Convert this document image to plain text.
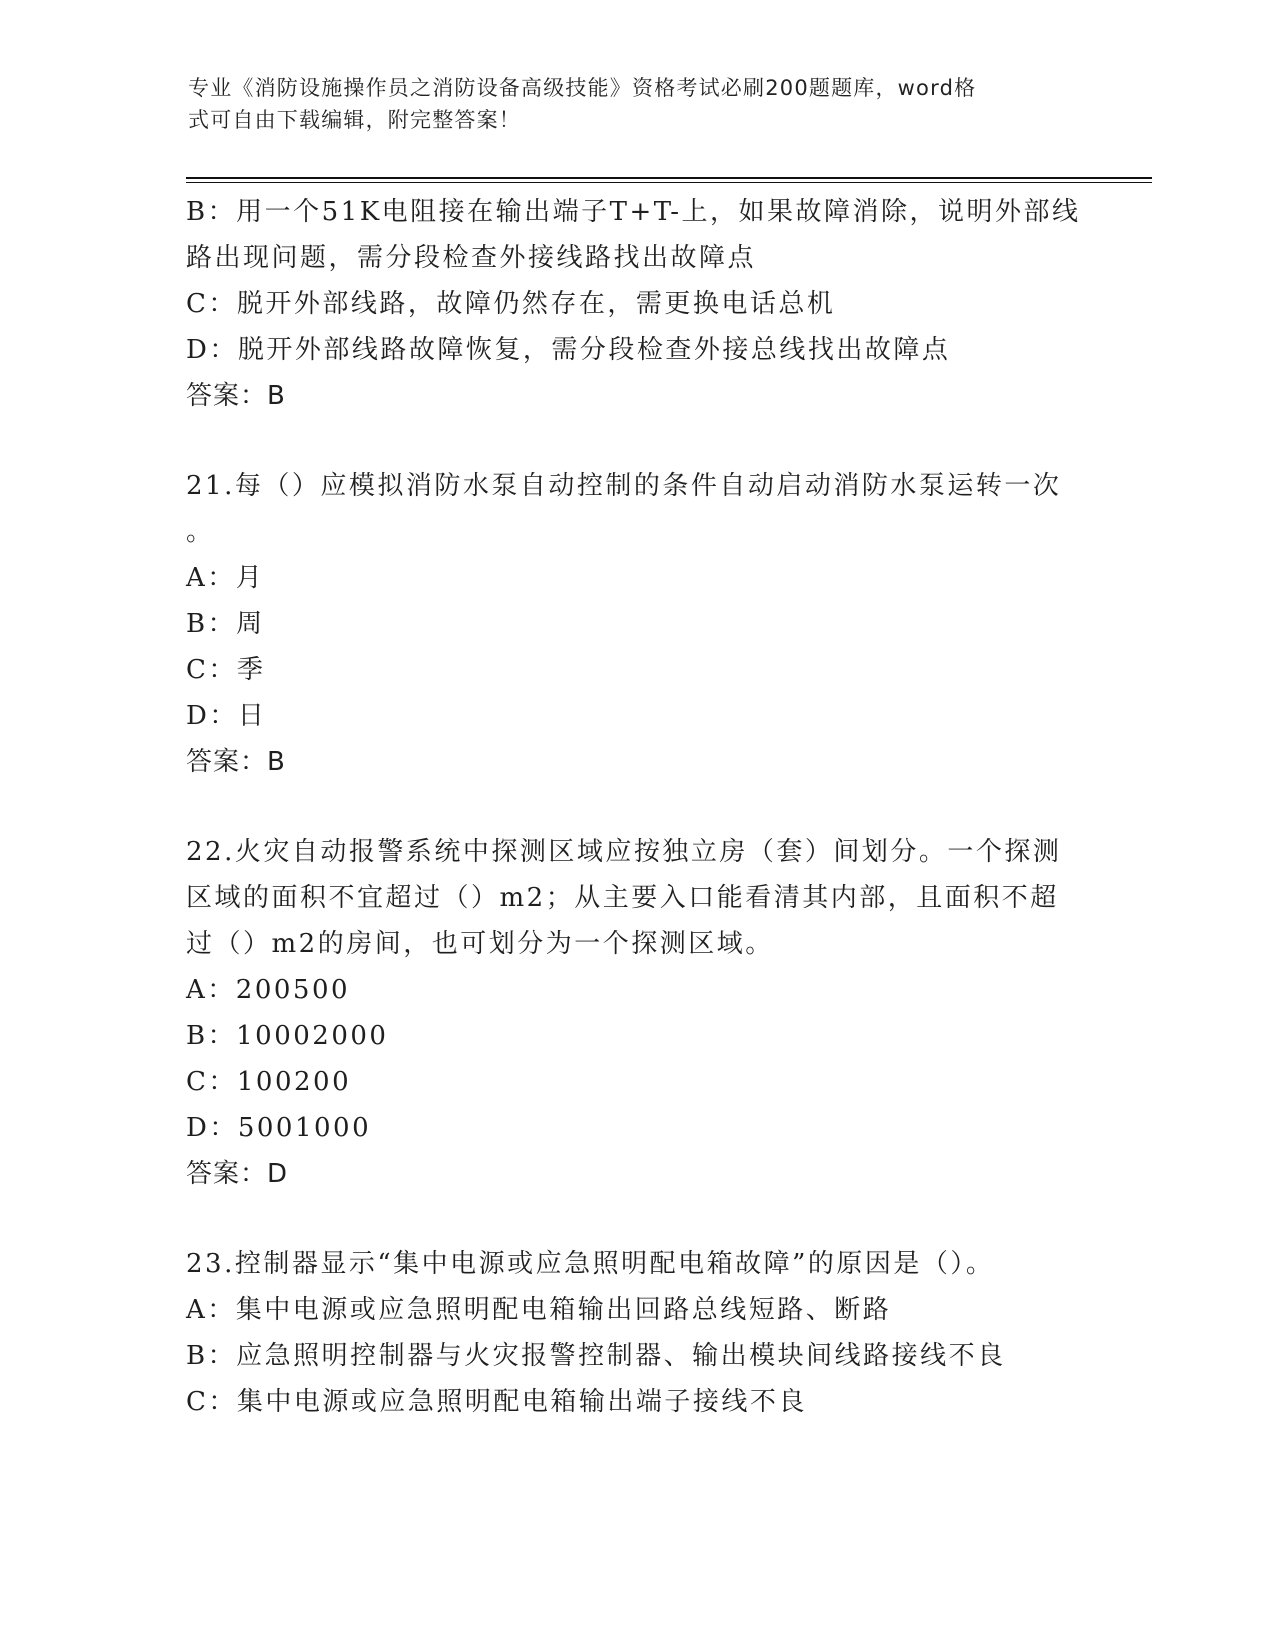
专业《消防设施操作员之消防设备高级技能》资格考试必刷200题题库，word格
式可自由下载编辑，附完整答案！
B：用一个51K电阻接在输出端子T+T-上，如果故障消除，说明外部线
路出现问题，需分段检查外接线路找出故障点
C：脱开外部线路，故障仍然存在，需更换电话总机
D：脱开外部线路故障恢复，需分段检查外接总线找出故障点
答案：B
21.每（）应模拟消防水泵自动控制的条件自动启动消防水泵运转一次
。
A：月
B：周
C：季
D：日
答案：B
22.火灾自动报警系统中探测区域应按独立房（套）间划分。一个探测
区域的面积不宜超过（）m2；从主要入口能看清其内部，且面积不超
过（）m2的房间，也可划分为一个探测区域。
A：200500
B：10002000
C：100200
D：5001000
答案：D
23.控制器显示“集中电源或应急照明配电箱故障”的原因是（）。
A：集中电源或应急照明配电箱输出回路总线短路、断路
B：应急照明控制器与火灾报警控制器、输出模块间线路接线不良
C：集中电源或应急照明配电箱输出端子接线不良
